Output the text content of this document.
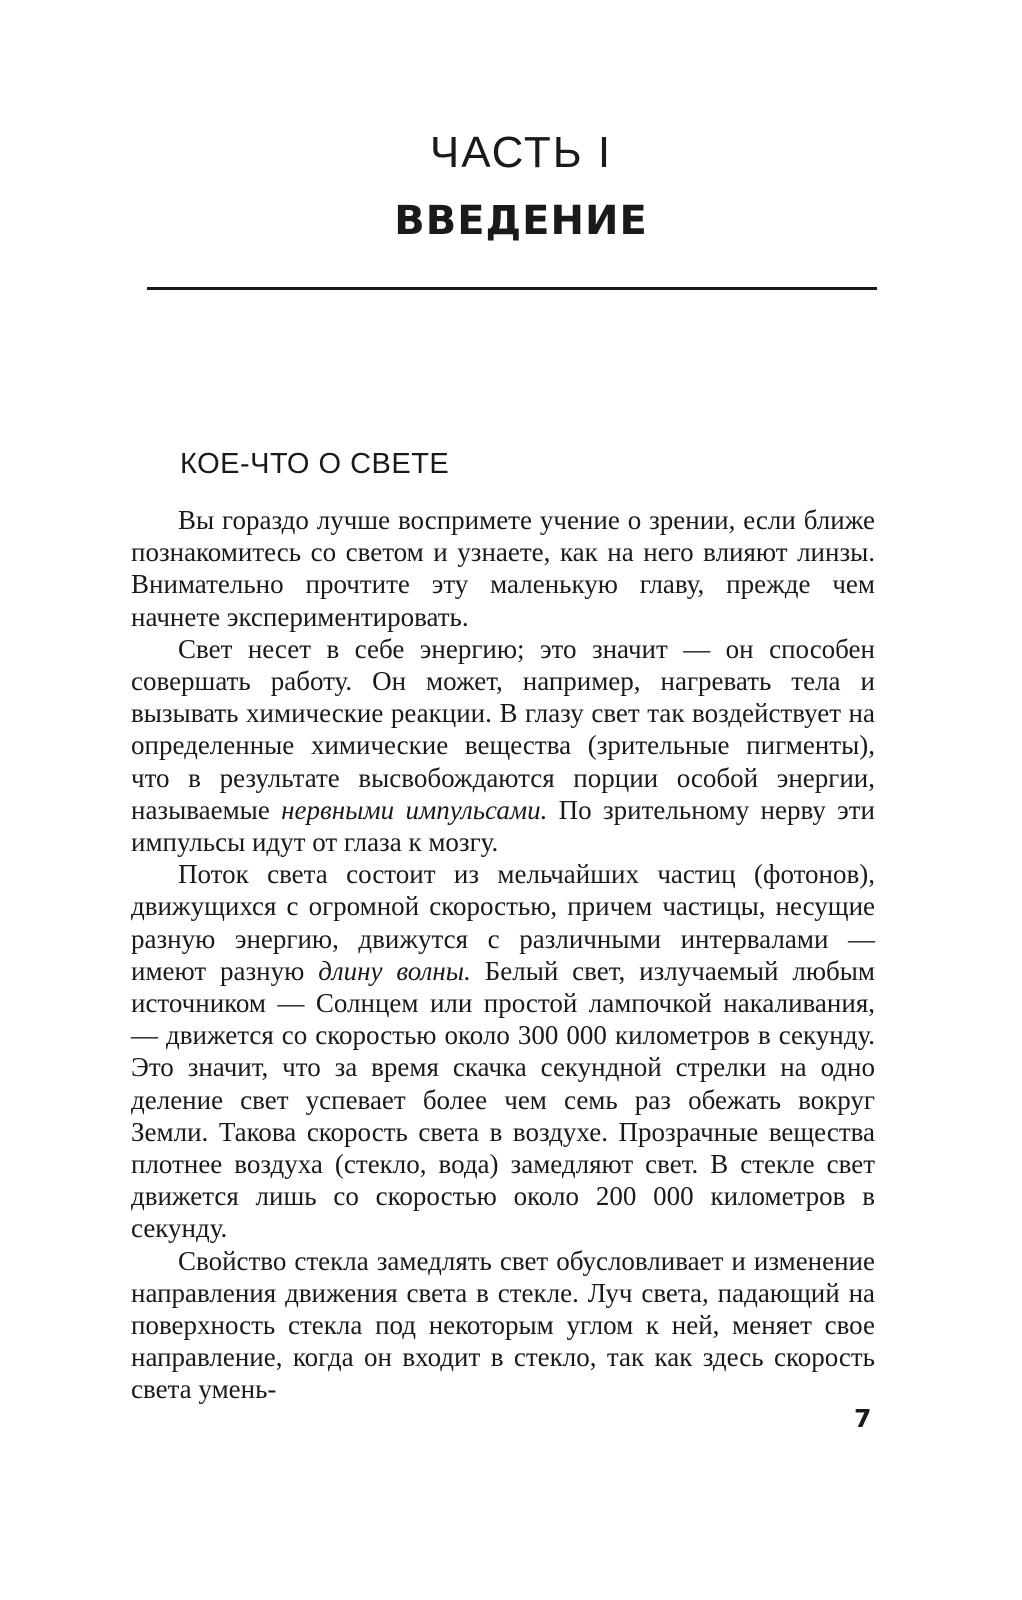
ЧАСТЬ I
ВВЕДЕНИЕ
КОЕ-ЧТО О СВЕТЕ

Вы гораздо лучше воспримете учение о зрении, если ближе познакомитесь со светом и узнаете, как на него влияют линзы. Внимательно прочтите эту маленькую главу, прежде чем начнете экспериментировать.

Свет несет в себе энергию; это значит — он способен совершать работу. Он может, например, нагревать тела и вызывать химические реакции. В глазу свет так воздействует на определенные химические вещества (зрительные пигменты), что в результате высвобождаются порции особой энергии, называемые нервными импульсами. По зрительному нерву эти импульсы идут от глаза к мозгу.

Поток света состоит из мельчайших частиц (фотонов), движущихся с огромной скоростью, причем частицы, несущие разную энергию, движутся с различными интервалами — имеют разную длину волны. Белый свет, излучаемый любым источником — Солнцем или простой лампочкой накаливания, — движется со скоростью около 300 000 километров в секунду. Это значит, что за время скачка секундной стрелки на одно деление свет успевает более чем семь раз обежать вокруг Земли. Такова скорость света в воздухе. Прозрачные вещества плотнее воздуха (стекло, вода) замедляют свет. В стекле свет движется лишь со скоростью около 200 000 километров в секунду.

Свойство стекла замедлять свет обусловливает и изменение направления движения света в стекле. Луч света, падающий на поверхность стекла под некоторым углом к ней, меняет свое направление, когда он входит в стекло, так как здесь скорость света умень-

7
